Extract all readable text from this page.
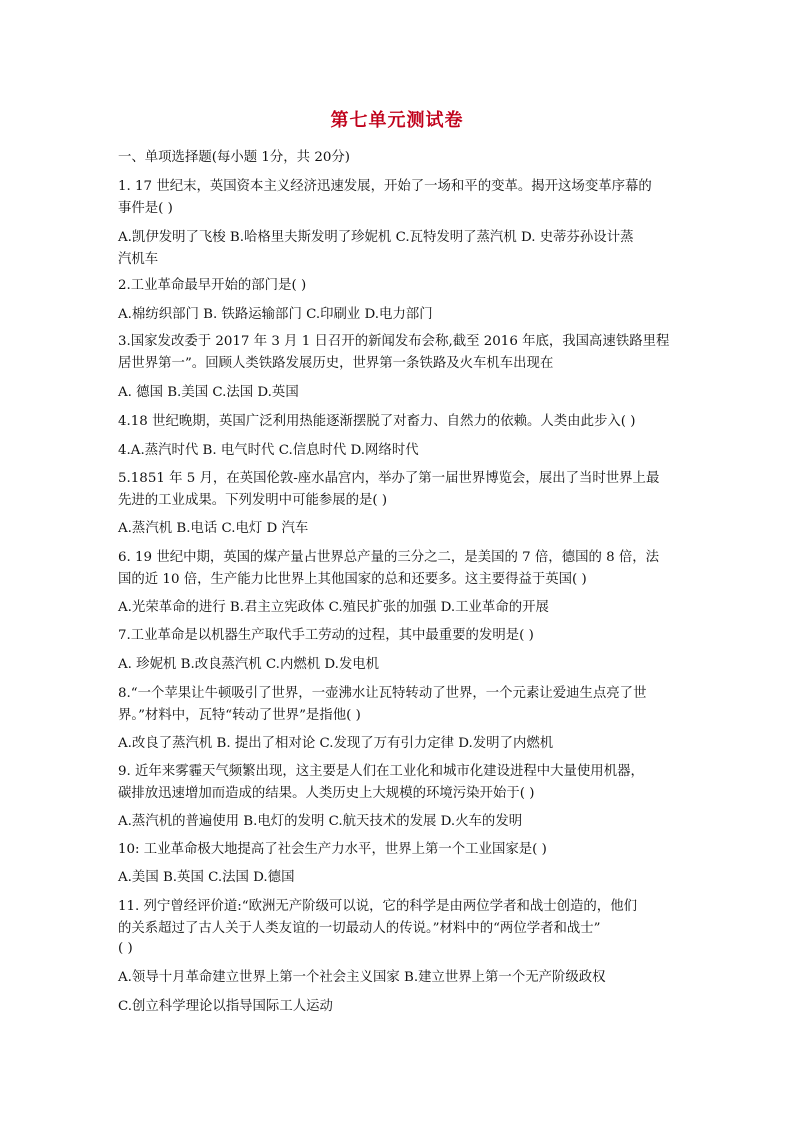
第七单元测试卷
一、单项选择题(每小题 1分，共 20分)
1. 17 世纪末，英国资本主义经济迅速发展，开始了一场和平的变革。揭开这场变革序幕的
事件是( )
A.凯伊发明了飞梭 B.哈格里夫斯发明了珍妮机 C.瓦特发明了蒸汽机 D. 史蒂芬孙设计蒸
汽机车
2.工业革命最早开始的部门是( )
A.棉纺织部门 B. 铁路运输部门 C.印刷业 D.电力部门
3.国家发改委于 2017 年 3 月 1 日召开的新闻发布会称,截至 2016 年底，我国高速铁路里程
居世界第一”。回顾人类铁路发展历史，世界第一条铁路及火车机车出现在
A. 德国 B.美国 C.法国 D.英国
4.18 世纪晚期，英国广泛利用热能逐渐摆脱了对畜力、自然力的依赖。人类由此步入( )
4.A.蒸汽时代 B. 电气时代 C.信息时代 D.网络时代
5.1851 年 5 月，在英国伦敦-座水晶宫内，举办了第一届世界博览会，展出了当时世界上最
先进的工业成果。下列发明中可能参展的是( )
A.蒸汽机 B.电话 C.电灯 D 汽车
6. 19 世纪中期，英国的煤产量占世界总产量的三分之二，是美国的 7 倍，德国的 8 倍，法
国的近 10 倍，生产能力比世界上其他国家的总和还要多。这主要得益于英国( )
A.光荣革命的进行 B.君主立宪政体 C.殖民扩张的加强 D.工业革命的开展
7.工业革命是以机器生产取代手工劳动的过程，其中最重要的发明是( )
A. 珍妮机 B.改良蒸汽机 C.内燃机 D.发电机
8.“一个苹果让牛顿吸引了世界，一壶沸水让瓦特转动了世界，一个元素让爱迪生点亮了世
界。”材料中，瓦特“转动了世界”是指他( )
A.改良了蒸汽机 B. 提出了相对论 C.发现了万有引力定律 D.发明了内燃机
9. 近年来雾霾天气频繁出现，这主要是人们在工业化和城市化建设进程中大量使用机器，
碳排放迅速增加而造成的结果。人类历史上大规模的环境污染开始于( )
A.蒸汽机的普遍使用 B.电灯的发明 C.航天技术的发展 D.火车的发明
10: 工业革命极大地提高了社会生产力水平，世界上第一个工业国家是( )
A.美国 B.英国 C.法国 D.德国
11. 列宁曾经评价道:“欧洲无产阶级可以说，它的科学是由两位学者和战士创造的，他们
的关系超过了古人关于人类友谊的一切最动人的传说。”材料中的“两位学者和战士”
( )
A.领导十月革命建立世界上第一个社会主义国家 B.建立世界上第一个无产阶级政权
C.创立科学理论以指导国际工人运动
